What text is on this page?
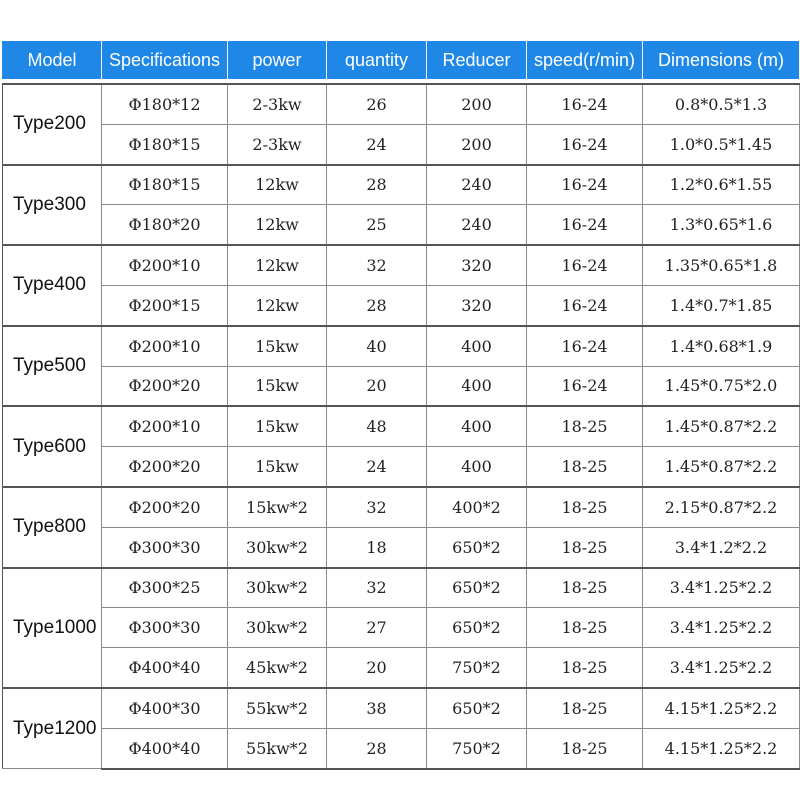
Model	Specifications	power	quantity	Reducer	speed(r/min)	Dimensions (m)

Type200	Φ180*12	2-3kw	26	200	16-24	0.8*0.5*1.3
	Φ180*15	2-3kw	24	200	16-24	1.0*0.5*1.45
Type300	Φ180*15	12kw	28	240	16-24	1.2*0.6*1.55
	Φ180*20	12kw	25	240	16-24	1.3*0.65*1.6
Type400	Φ200*10	12kw	32	320	16-24	1.35*0.65*1.8
	Φ200*15	12kw	28	320	16-24	1.4*0.7*1.85
Type500	Φ200*10	15kw	40	400	16-24	1.4*0.68*1.9
	Φ200*20	15kw	20	400	16-24	1.45*0.75*2.0
Type600	Φ200*10	15kw	48	400	18-25	1.45*0.87*2.2
	Φ200*20	15kw	24	400	18-25	1.45*0.87*2.2
Type800	Φ200*20	15kw*2	32	400*2	18-25	2.15*0.87*2.2
	Φ300*30	30kw*2	18	650*2	18-25	3.4*1.2*2.2
Type1000	Φ300*25	30kw*2	32	650*2	18-25	3.4*1.25*2.2
	Φ300*30	30kw*2	27	650*2	18-25	3.4*1.25*2.2
	Φ400*40	45kw*2	20	750*2	18-25	3.4*1.25*2.2
Type1200	Φ400*30	55kw*2	38	650*2	18-25	4.15*1.25*2.2
	Φ400*40	55kw*2	28	750*2	18-25	4.15*1.25*2.2
